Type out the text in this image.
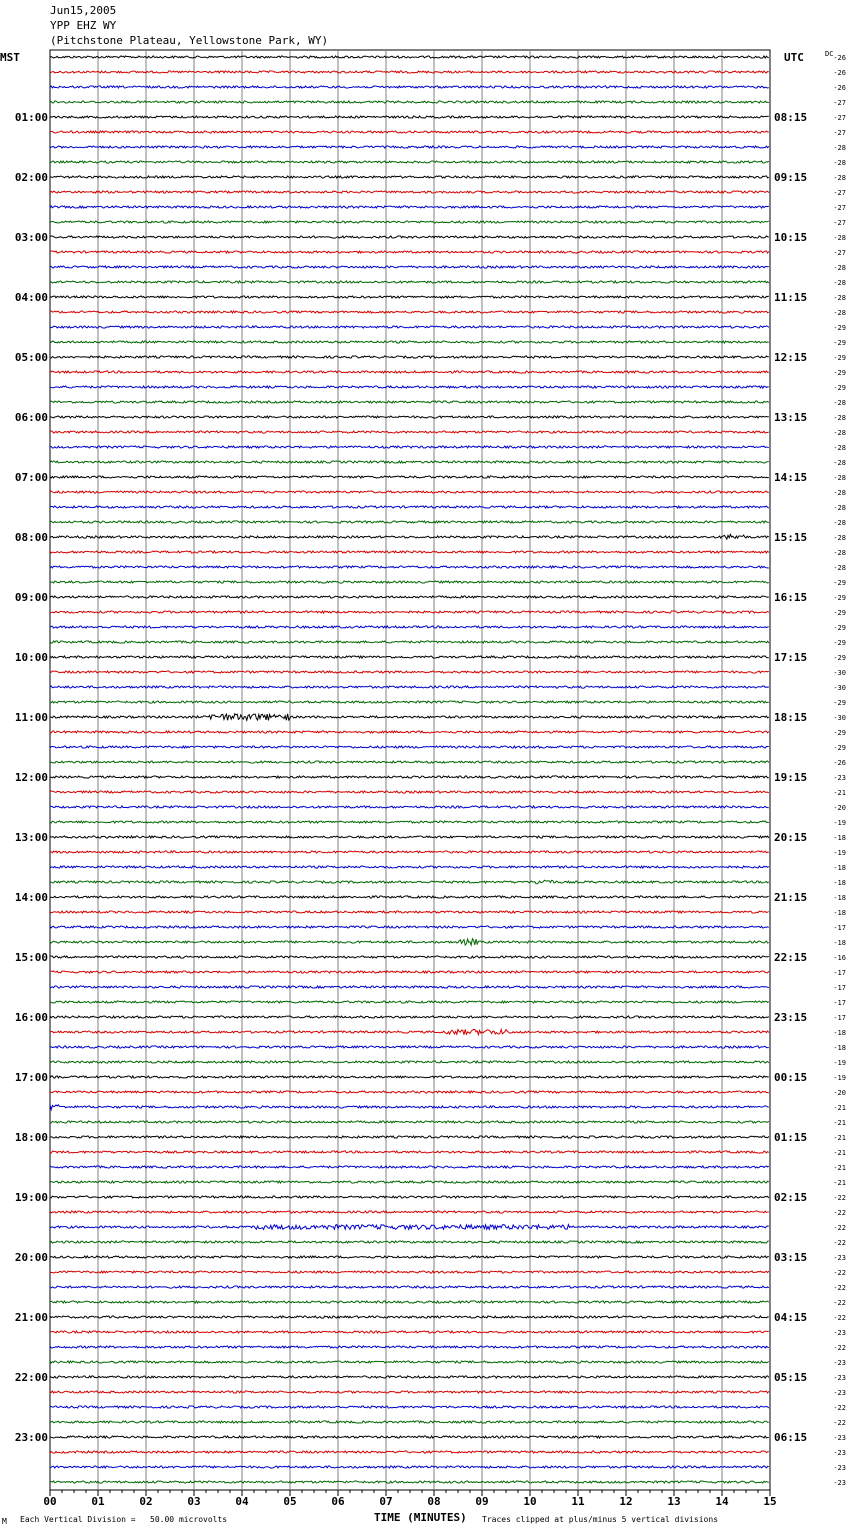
Jun15,2005
YPP EHZ WY
(Pitchstone Plateau, Yellowstone Park, WY)
MST	UTC	DC
01:00
02:00
03:00
04:00
05:00
06:00
07:00
08:00
09:00
10:00
11:00
12:00
13:00
14:00
15:00
16:00
17:00
18:00
19:00
20:00
21:00
22:00
23:00
08:15
09:15
10:15
11:15
12:15
13:15
14:15
15:15
16:15
17:15
18:15
19:15
20:15
21:15
22:15
23:15
00:15
01:15
02:15
03:15
04:15
05:15
06:15
-26
-26
-26
-27
-27
-27
-28
-28
-28
-27
-27
-27
-28
-27
-28
-28
-28
-28
-29
-29
-29
-29
-29
-28
-28
-28
-28
-28
-28
-28
-28
-28
-28
-28
-28
-29
-29
-29
-29
-29
-29
-30
-30
-29
-30
-29
-29
-26
-23
-21
-20
-19
-18
-19
-18
-18
-18
-18
-17
-18
-16
-17
-17
-17
-17
-18
-18
-19
-19
-20
-21
-21
-21
-21
-21
-21
-22
-22
-22
-22
-23
-22
-22
-22
-22
-23
-22
-23
-23
-23
-22
-22
-23
-23
-23
-23
00	01	02	03	04	05	06	07	08	09	10	11	12	13	14	15
TIME (MINUTES)
M Each Vertical Division =   50.00 microvolts	Traces clipped at plus/minus 5 vertical divisions
